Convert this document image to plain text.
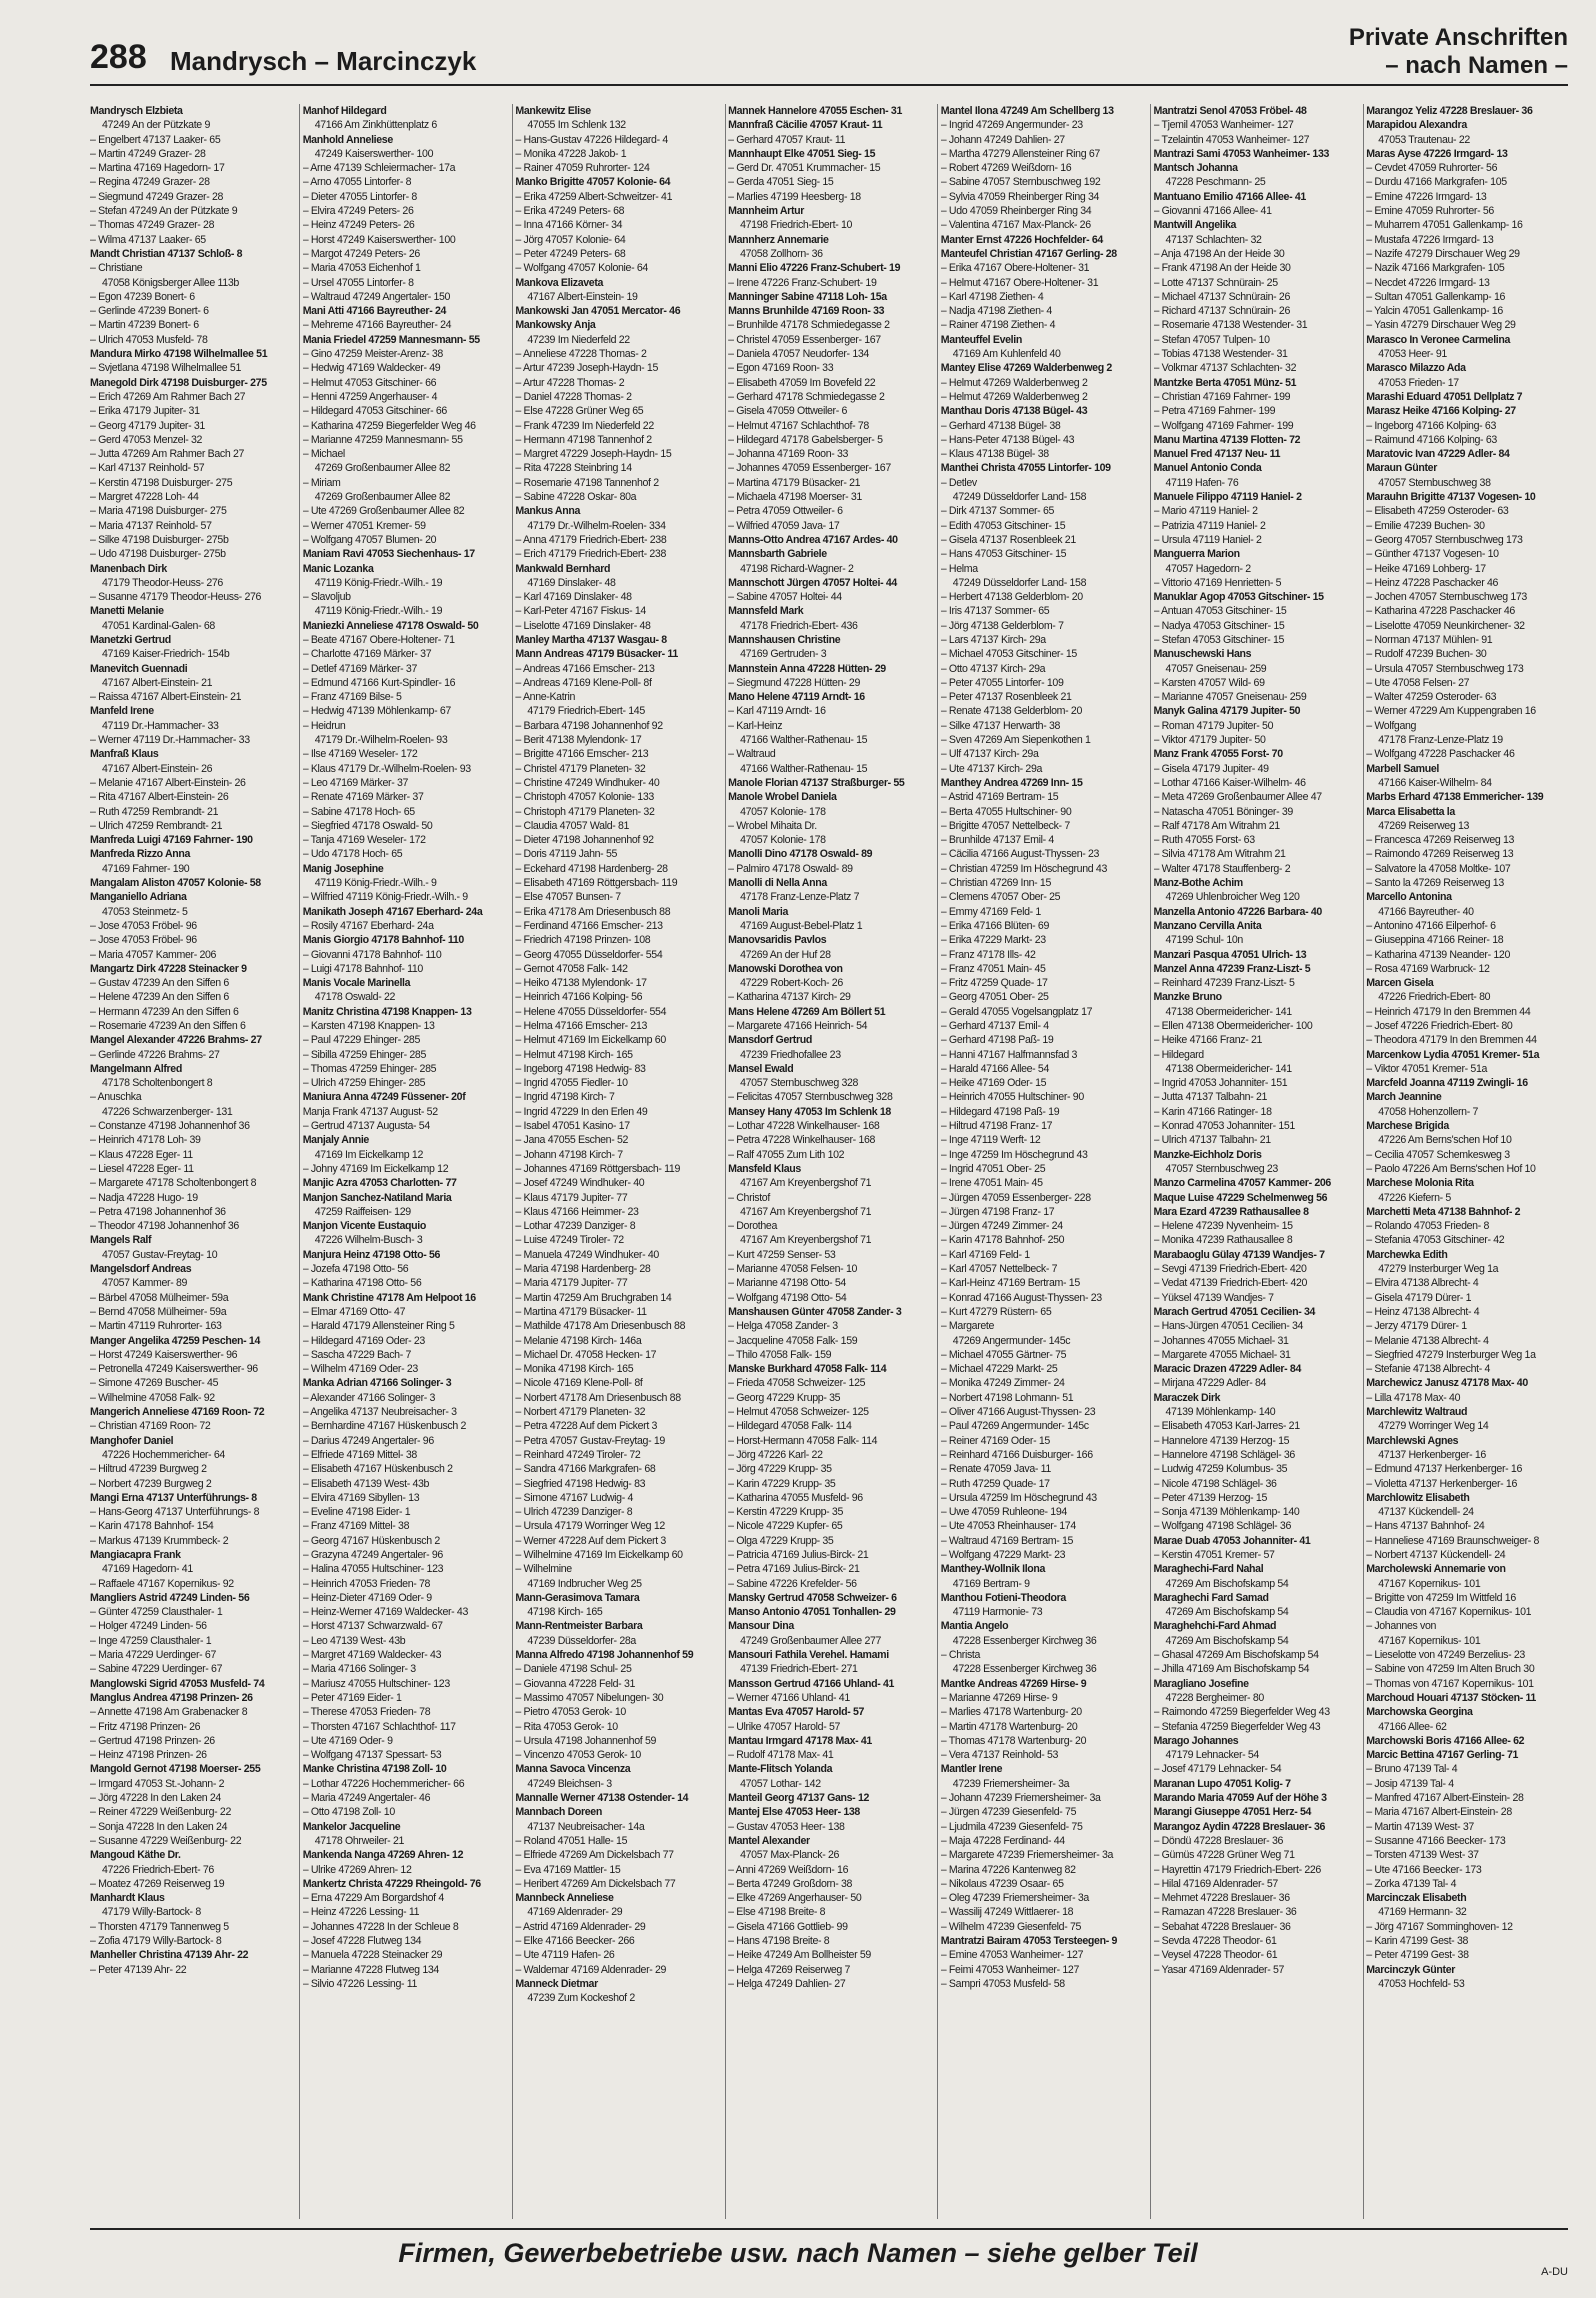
288 Mandrysch – Marcinczyk
Private Anschriften
– nach Namen –
Mandrysch Elzbieta
47249 An der Pützkate 9
– Engelbert 47137 Laaker- 65
– Martin 47249 Grazer- 28
– Martina 47169 Hagedorn- 17
– Regina 47249 Grazer- 28
– Siegmund 47249 Grazer- 28
– Stefan 47249 An der Pützkate 9
– Thomas 47249 Grazer- 28
– Wilma 47137 Laaker- 65
Mandt Christian 47137 Schloß- 8
– Christiane
47058 Königsberger Allee 113b
– Egon 47239 Bonert- 6
– Gerlinde 47239 Bonert- 6
– Martin 47239 Bonert- 6
– Ulrich 47053 Musfeld- 78
Mandura Mirko 47198 Wilhelmallee 51
– Svjetlana 47198 Wilhelmallee 51
Manegold Dirk 47198 Duisburger- 275
– Erich 47269 Am Rahmer Bach 27
– Erika 47179 Jupiter- 31
– Georg 47179 Jupiter- 31
– Gerd 47053 Menzel- 32
– Jutta 47269 Am Rahmer Bach 27
– Karl 47137 Reinhold- 57
– Kerstin 47198 Duisburger- 275
– Margret 47228 Loh- 44
– Maria 47198 Duisburger- 275
– Maria 47137 Reinhold- 57
– Silke 47198 Duisburger- 275b
– Udo 47198 Duisburger- 275b
Manenbach Dirk
47179 Theodor-Heuss- 276
– Susanne 47179 Theodor-Heuss- 276
Manetti Melanie
47051 Kardinal-Galen- 68
Manetzki Gertrud
47169 Kaiser-Friedrich- 154b
Manevitch Guennadi
47167 Albert-Einstein- 21
– Raissa 47167 Albert-Einstein- 21
Manfeld Irene
47119 Dr.-Hammacher- 33
– Werner 47119 Dr.-Hammacher- 33
Manfraß Klaus
47167 Albert-Einstein- 26
– Melanie 47167 Albert-Einstein- 26
– Rita 47167 Albert-Einstein- 26
– Ruth 47259 Rembrandt- 21
– Ulrich 47259 Rembrandt- 21
Manfreda Luigi 47169 Fahrner- 190
Manfreda Rizzo Anna
47169 Fahrner- 190
Mangalam Aliston 47057 Kolonie- 58
Manganiello Adriana
47053 Steinmetz- 5
– Jose 47053 Fröbel- 96
– Jose 47053 Fröbel- 96
– Maria 47057 Kammer- 206
Mangartz Dirk 47228 Steinacker 9
– Gustav 47239 An den Siffen 6
– Helene 47239 An den Siffen 6
– Hermann 47239 An den Siffen 6
– Rosemarie 47239 An den Siffen 6
Mangel Alexander 47226 Brahms- 27
– Gerlinde 47226 Brahms- 27
Mangelmann Alfred
47178 Scholtenbongert 8
– Anuschka
47226 Schwarzenberger- 131
– Constanze 47198 Johannenhof 36
– Heinrich 47178 Loh- 39
– Klaus 47228 Eger- 11
– Liesel 47228 Eger- 11
– Margarete 47178 Scholtenbongert 8
– Nadja 47228 Hugo- 19
– Petra 47198 Johannenhof 36
– Theodor 47198 Johannenhof 36
Mangels Ralf
47057 Gustav-Freytag- 10
Mangelsdorf Andreas
47057 Kammer- 89
– Bärbel 47058 Mülheimer- 59a
– Bernd 47058 Mülheimer- 59a
– Martin 47119 Ruhrorter- 163
Manger Angelika 47259 Peschen- 14
– Horst 47249 Kaiserswerther- 96
– Petronella 47249 Kaiserswerther- 96
– Simone 47269 Buscher- 45
– Wilhelmine 47058 Falk- 92
Mangerich Anneliese 47169 Roon- 72
– Christian 47169 Roon- 72
Manghofer Daniel
47226 Hochemmericher- 64
– Hiltrud 47239 Burgweg 2
– Norbert 47239 Burgweg 2
Mangi Erna 47137 Unterführungs- 8
– Hans-Georg 47137 Unterführungs- 8
– Karin 47178 Bahnhof- 154
– Markus 47139 Krummbeck- 2
Mangiacapra Frank
47169 Hagedorn- 41
– Raffaele 47167 Kopernikus- 92
Mangliers Astrid 47249 Linden- 56
– Günter 47259 Clausthaler- 1
– Holger 47249 Linden- 56
– Inge 47259 Clausthaler- 1
– Maria 47229 Uerdinger- 67
– Sabine 47229 Uerdinger- 67
Manglowski Sigrid 47053 Musfeld- 74
Manglus Andrea 47198 Prinzen- 26
– Annette 47198 Am Grabenacker 8
– Fritz 47198 Prinzen- 26
– Gertrud 47198 Prinzen- 26
– Heinz 47198 Prinzen- 26
Mangold Gernot 47198 Moerser- 255
– Irmgard 47053 St.-Johann- 2
– Jörg 47228 In den Laken 24
– Reiner 47229 Weißenburg- 22
– Sonja 47228 In den Laken 24
– Susanne 47229 Weißenburg- 22
Mangoud Käthe Dr.
47226 Friedrich-Ebert- 76
– Moatez 47269 Reiserweg 19
Manhardt Klaus
47179 Willy-Bartock- 8
– Thorsten 47179 Tannenweg 5
– Zofia 47179 Willy-Bartock- 8
Manheller Christina 47139 Ahr- 22
– Peter 47139 Ahr- 22
Manhof Hildegard
47166 Am Zinkhüttenplatz 6
Manhold Anneliese
47249 Kaiserswerther- 100
– Arne 47139 Schleiermacher- 17a
– Arno 47055 Lintorfer- 8
– Dieter 47055 Lintorfer- 8
– Elvira 47249 Peters- 26
– Heinz 47249 Peters- 26
– Horst 47249 Kaiserswerther- 100
– Margot 47249 Peters- 26
– Maria 47053 Eichenhof 1
– Ursel 47055 Lintorfer- 8
– Waltraud 47249 Angertaler- 150
Mani Atti 47166 Bayreuther- 24
– Mehreme 47166 Bayreuther- 24
Mania Friedel 47259 Mannesmann- 55
– Gino 47259 Meister-Arenz- 38
– Hedwig 47169 Waldecker- 49
– Helmut 47053 Gitschiner- 66
– Henni 47259 Angerhauser- 4
– Hildegard 47053 Gitschiner- 66
– Katharina 47259 Biegerfelder Weg 46
– Marianne 47259 Mannesmann- 55
– Michael
47269 Großenbaumer Allee 82
– Miriam
47269 Großenbaumer Allee 82
– Ute 47269 Großenbaumer Allee 82
– Werner 47051 Kremer- 59
– Wolfgang 47057 Blumen- 20
Maniam Ravi 47053 Siechenhaus- 17
Manic Lozanka
47119 König-Friedr.-Wilh.- 19
– Slavoljub
47119 König-Friedr.-Wilh.- 19
Maniezki Anneliese 47178 Oswald- 50
– Beate 47167 Obere-Holtener- 71
– Charlotte 47169 Märker- 37
– Detlef 47169 Märker- 37
– Edmund 47166 Kurt-Spindler- 16
– Franz 47169 Bilse- 5
– Hedwig 47139 Möhlenkamp- 67
– Heidrun
47179 Dr.-Wilhelm-Roelen- 93
– Ilse 47169 Weseler- 172
– Klaus 47179 Dr.-Wilhelm-Roelen- 93
– Leo 47169 Märker- 37
– Renate 47169 Märker- 37
– Sabine 47178 Hoch- 65
– Siegfried 47178 Oswald- 50
– Tanja 47169 Weseler- 172
– Udo 47178 Hoch- 65
Manig Josephine
47119 König-Friedr.-Wilh.- 9
– Wilfried 47119 König-Friedr.-Wilh.- 9
Manikath Joseph 47167 Eberhard- 24a
– Rosily 47167 Eberhard- 24a
Manis Giorgio 47178 Bahnhof- 110
– Giovanni 47178 Bahnhof- 110
– Luigi 47178 Bahnhof- 110
Manis Vocale Marinella
47178 Oswald- 22
Manitz Christina 47198 Knappen- 13
– Karsten 47198 Knappen- 13
– Paul 47229 Ehinger- 285
– Sibilla 47259 Ehinger- 285
– Thomas 47259 Ehinger- 285
– Ulrich 47259 Ehinger- 285
Maniura Anna 47249 Füssener- 20f
Manja Frank 47137 August- 52
– Gertrud 47137 Augusta- 54
Manjaly Annie
47169 Im Eickelkamp 12
– Johny 47169 Im Eickelkamp 12
Manjic Azra 47053 Charlotten- 77
Manjon Sanchez-Natiland Maria
47259 Raiffeisen- 129
Manjon Vicente Eustaquio
47226 Wilhelm-Busch- 3
Manjura Heinz 47198 Otto- 56
– Jozefa 47198 Otto- 56
– Katharina 47198 Otto- 56
Mank Christine 47178 Am Helpoot 16
– Elmar 47169 Otto- 47
– Harald 47179 Allensteiner Ring 5
– Hildegard 47169 Oder- 23
– Sascha 47229 Bach- 7
– Wilhelm 47169 Oder- 23
Manka Adrian 47166 Solinger- 3
– Alexander 47166 Solinger- 3
– Angelika 47137 Neubreisacher- 3
– Bernhardine 47167 Hüskenbusch 2
– Darius 47249 Angertaler- 96
– Elfriede 47169 Mittel- 38
– Elisabeth 47167 Hüskenbusch 2
– Elisabeth 47139 West- 43b
– Elvira 47169 Sibyllen- 13
– Eveline 47198 Eider- 1
– Franz 47169 Mittel- 38
– Georg 47167 Hüskenbusch 2
– Grazyna 47249 Angertaler- 96
– Halina 47055 Hultschiner- 123
– Heinrich 47053 Frieden- 78
– Heinz-Dieter 47169 Oder- 9
– Heinz-Werner 47169 Waldecker- 43
– Horst 47137 Schwarzwald- 67
– Leo 47139 West- 43b
– Margret 47169 Waldecker- 43
– Maria 47166 Solinger- 3
– Mariusz 47055 Hultschiner- 123
– Peter 47169 Eider- 1
– Therese 47053 Frieden- 78
– Thorsten 47167 Schlachthof- 117
– Ute 47169 Oder- 9
– Wolfgang 47137 Spessart- 53
Manke Christina 47198 Zoll- 10
– Lothar 47226 Hochemmericher- 66
– Maria 47249 Angertaler- 46
– Otto 47198 Zoll- 10
Mankelor Jacqueline
47178 Ohrweiler- 21
Mankenda Nanga 47269 Ahren- 12
– Ulrike 47269 Ahren- 12
Mankertz Christa 47229 Rheingold- 76
– Erna 47229 Am Borgardshof 4
– Heinz 47226 Lessing- 11
– Johannes 47228 In der Schleue 8
– Josef 47228 Flutweg 134
– Manuela 47228 Steinacker 29
– Marianne 47228 Flutweg 134
– Silvio 47226 Lessing- 11
Mankewitz Elise
47055 Im Schlenk 132
– Hans-Gustav 47226 Hildegard- 4
– Monika 47228 Jakob- 1
– Rainer 47059 Ruhrorter- 124
Manko Brigitte 47057 Kolonie- 64
– Erika 47259 Albert-Schweitzer- 41
– Erika 47249 Peters- 68
– Inna 47166 Körner- 34
– Jörg 47057 Kolonie- 64
– Peter 47249 Peters- 68
– Wolfgang 47057 Kolonie- 64
Mankova Elizaveta
47167 Albert-Einstein- 19
Mankowski Jan 47051 Mercator- 46
Mankowsky Anja
47239 Im Niederfeld 22
– Anneliese 47228 Thomas- 2
– Artur 47239 Joseph-Haydn- 15
– Artur 47228 Thomas- 2
– Daniel 47228 Thomas- 2
– Else 47228 Grüner Weg 65
– Frank 47239 Im Niederfeld 22
– Hermann 47198 Tannenhof 2
– Margret 47229 Joseph-Haydn- 15
– Rita 47228 Steinbring 14
– Rosemarie 47198 Tannenhof 2
– Sabine 47228 Oskar- 80a
Mankus Anna
47179 Dr.-Wilhelm-Roelen- 334
– Anna 47179 Friedrich-Ebert- 238
– Erich 47179 Friedrich-Ebert- 238
Mankwald Bernhard
47169 Dinslaker- 48
– Karl 47169 Dinslaker- 48
– Karl-Peter 47167 Fiskus- 14
– Liselotte 47169 Dinslaker- 48
Manley Martha 47137 Wasgau- 8
Mann Andreas 47179 Büsacker- 11
– Andreas 47166 Emscher- 213
– Andreas 47169 Klene-Poll- 8f
– Anne-Katrin
47179 Friedrich-Ebert- 145
– Barbara 47198 Johannenhof 92
– Berit 47138 Mylendonk- 17
– Brigitte 47166 Emscher- 213
– Christel 47179 Planeten- 32
– Christine 47249 Windhuker- 40
– Christoph 47057 Kolonie- 133
– Christoph 47179 Planeten- 32
– Claudia 47057 Wald- 81
– Dieter 47198 Johannenhof 92
– Doris 47119 Jahn- 55
– Eckehard 47198 Hardenberg- 28
– Elisabeth 47169 Röttgersbach- 119
– Else 47057 Bunsen- 7
– Erika 47178 Am Driesenbusch 88
– Ferdinand 47166 Emscher- 213
– Friedrich 47198 Prinzen- 108
– Georg 47055 Düsseldorfer- 554
– Gernot 47058 Falk- 142
– Heiko 47138 Mylendonk- 17
– Heinrich 47166 Kolping- 56
– Helene 47055 Düsseldorfer- 554
– Helma 47166 Emscher- 213
– Helmut 47169 Im Eickelkamp 60
– Helmut 47198 Kirch- 165
– Ingeborg 47198 Hedwig- 83
– Ingrid 47055 Fiedler- 10
– Ingrid 47198 Kirch- 7
– Ingrid 47229 In den Erlen 49
– Isabel 47051 Kasino- 17
– Jana 47055 Eschen- 52
– Johann 47198 Kirch- 7
– Johannes 47169 Röttgersbach- 119
– Josef 47249 Windhuker- 40
– Klaus 47179 Jupiter- 77
– Klaus 47166 Heimmer- 23
– Lothar 47239 Danziger- 8
– Luise 47249 Tiroler- 72
– Manuela 47249 Windhuker- 40
– Maria 47198 Hardenberg- 28
– Maria 47179 Jupiter- 77
– Martin 47259 Am Bruchgraben 14
– Martina 47179 Büsacker- 11
– Mathilde 47178 Am Driesenbusch 88
– Melanie 47198 Kirch- 146a
– Michael Dr. 47058 Hecken- 17
– Monika 47198 Kirch- 165
– Nicole 47169 Klene-Poll- 8f
– Norbert 47178 Am Driesenbusch 88
– Norbert 47179 Planeten- 32
– Petra 47228 Auf dem Pickert 3
– Petra 47057 Gustav-Freytag- 19
– Reinhard 47249 Tiroler- 72
– Sandra 47166 Markgrafen- 68
– Siegfried 47198 Hedwig- 83
– Simone 47167 Ludwig- 4
– Ulrich 47239 Danziger- 8
– Ursula 47179 Worringer Weg 12
– Werner 47228 Auf dem Pickert 3
– Wilhelmine 47169 Im Eickelkamp 60
– Wilhelmine
47169 Indbrucher Weg 25
Mann-Gerasimova Tamara
47198 Kirch- 165
Mann-Rentmeister Barbara
47239 Düsseldorfer- 28a
Manna Alfredo 47198 Johannenhof 59
– Daniele 47198 Schul- 25
– Giovanna 47228 Feld- 31
– Massimo 47057 Nibelungen- 30
– Pietro 47053 Gerok- 10
– Rita 47053 Gerok- 10
– Ursula 47198 Johannenhof 59
– Vincenzo 47053 Gerok- 10
Manna Savoca Vincenza
47249 Bleichsen- 3
Mannalle Werner 47138 Ostender- 14
Mannbach Doreen
47137 Neubreisacher- 14a
– Roland 47051 Halle- 15
– Elfriede 47269 Am Dickelsbach 77
– Eva 47169 Mattler- 15
– Heribert 47269 Am Dickelsbach 77
Mannbeck Anneliese
47169 Aldenrader- 29
– Astrid 47169 Aldenrader- 29
– Elke 47166 Beecker- 266
– Ute 47119 Hafen- 26
– Waldemar 47169 Aldenrader- 29
Manneck Dietmar
47239 Zum Kockeshof 2
Mannek Hannelore 47055 Eschen- 31
Mannfraß Cäcilie 47057 Kraut- 11
– Gerhard 47057 Kraut- 11
Mannhaupt Elke 47051 Sieg- 15
– Gerd Dr. 47051 Krummacher- 15
– Gerda 47051 Sieg- 15
– Marlies 47199 Heesberg- 18
Mannheim Artur
47198 Friedrich-Ebert- 10
Mannherz Annemarie
47058 Zollhorn- 36
Manni Elio 47226 Franz-Schubert- 19
– Irene 47226 Franz-Schubert- 19
Manninger Sabine 47118 Loh- 15a
Manns Brunhilde 47169 Roon- 33
– Brunhilde 47178 Schmiedegasse 2
– Christel 47059 Essenberger- 167
– Daniela 47057 Neudorfer- 134
– Egon 47169 Roon- 33
– Elisabeth 47059 Im Bovefeld 22
– Gerhard 47178 Schmiedegasse 2
– Gisela 47059 Ottweiler- 6
– Helmut 47167 Schlachthof- 78
– Hildegard 47178 Gabelsberger- 5
– Johanna 47169 Roon- 33
– Johannes 47059 Essenberger- 167
– Martina 47179 Büsacker- 21
– Michaela 47198 Moerser- 31
– Petra 47059 Ottweiler- 6
– Wilfried 47059 Java- 17
Manns-Otto Andrea 47167 Ardes- 40
Mannsbarth Gabriele
47198 Richard-Wagner- 2
Mannschott Jürgen 47057 Holtei- 44
– Sabine 47057 Holtei- 44
Mannsfeld Mark
47178 Friedrich-Ebert- 436
Mannshausen Christine
47169 Gertruden- 3
Mannstein Anna 47228 Hütten- 29
– Siegmund 47228 Hütten- 29
Mano Helene 47119 Arndt- 16
– Karl 47119 Arndt- 16
– Karl-Heinz
47166 Walther-Rathenau- 15
– Waltraud
47166 Walther-Rathenau- 15
Manole Florian 47137 Straßburger- 55
Manole Wrobel Daniela
47057 Kolonie- 178
– Wrobel Mihaita Dr.
47057 Kolonie- 178
Manolli Dino 47178 Oswald- 89
– Palmiro 47178 Oswald- 89
Manolli di Nella Anna
47178 Franz-Lenze-Platz 7
Manoli Maria
47169 August-Bebel-Platz 1
Manovsaridis Pavlos
47269 An der Huf 28
Manowski Dorothea von
47229 Robert-Koch- 26
– Katharina 47137 Kirch- 29
Mans Helene 47269 Am Böllert 51
– Margarete 47166 Heinrich- 54
Mansdorf Gertrud
47239 Friedhofallee 23
Mansel Ewald
47057 Sternbuschweg 328
– Felicitas 47057 Sternbuschweg 328
Mansey Hany 47053 Im Schlenk 18
– Lothar 47228 Winkelhauser- 168
– Petra 47228 Winkelhauser- 168
– Ralf 47055 Zum Lith 102
Mansfeld Klaus
47167 Am Kreyenbergshof 71
– Christof
47167 Am Kreyenbergshof 71
– Dorothea
47167 Am Kreyenbergshof 71
– Kurt 47259 Senser- 53
– Marianne 47058 Felsen- 10
– Marianne 47198 Otto- 54
– Wolfgang 47198 Otto- 54
Manshausen Günter 47058 Zander- 3
– Helga 47058 Zander- 3
– Jacqueline 47058 Falk- 159
– Thilo 47058 Falk- 159
Manske Burkhard 47058 Falk- 114
– Frieda 47058 Schweizer- 125
– Georg 47229 Krupp- 35
– Helmut 47058 Schweizer- 125
– Hildegard 47058 Falk- 114
– Horst-Hermann 47058 Falk- 114
– Jörg 47226 Karl- 22
– Jörg 47229 Krupp- 35
– Karin 47229 Krupp- 35
– Katharina 47055 Musfeld- 96
– Kerstin 47229 Krupp- 35
– Nicole 47229 Kupfer- 65
– Olga 47229 Krupp- 35
– Patricia 47169 Julius-Birck- 21
– Petra 47169 Julius-Birck- 21
– Sabine 47226 Krefelder- 56
Mansky Gertrud 47058 Schweizer- 6
Manso Antonio 47051 Tonhallen- 29
Mansour Dina
47249 Großenbaumer Allee 277
Mansouri Fathila Verehel. Hamami
47139 Friedrich-Ebert- 271
Mansson Gertrud 47166 Uhland- 41
– Werner 47166 Uhland- 41
Mantas Eva 47057 Harold- 57
– Ulrike 47057 Harold- 57
Mantau Irmgard 47178 Max- 41
– Rudolf 47178 Max- 41
Mante-Flitsch Yolanda
47057 Lothar- 142
Manteil Georg 47137 Gans- 12
Mantej Else 47053 Heer- 138
– Gustav 47053 Heer- 138
Mantel Alexander
47057 Max-Planck- 26
– Anni 47269 Weißdorn- 16
– Berta 47249 Großdorn- 38
– Elke 47269 Angerhauser- 50
– Else 47198 Breite- 8
– Gisela 47166 Gottlieb- 99
– Hans 47198 Breite- 8
– Heike 47249 Am Bollheister 59
– Helga 47269 Reiserweg 7
– Helga 47249 Dahlien- 27
Mantel Ilona 47249 Am Schellberg 13
– Ingrid 47269 Angermunder- 23
– Johann 47249 Dahlien- 27
– Martha 47279 Allensteiner Ring 67
– Robert 47269 Weißdorn- 16
– Sabine 47057 Sternbuschweg 192
– Sylvia 47059 Rheinberger Ring 34
– Udo 47059 Rheinberger Ring 34
– Valentina 47167 Max-Planck- 26
Manter Ernst 47226 Hochfelder- 64
Manteufel Christian 47167 Gerling- 28
– Erika 47167 Obere-Holtener- 31
– Helmut 47167 Obere-Holtener- 31
– Karl 47198 Ziethen- 4
– Nadja 47198 Ziethen- 4
– Rainer 47198 Ziethen- 4
Manteuffel Evelin
47169 Am Kuhlenfeld 40
Mantey Elise 47269 Walderbenweg 2
– Helmut 47269 Walderbenweg 2
– Helmut 47269 Walderbenweg 2
Manthau Doris 47138 Bügel- 43
– Gerhard 47138 Bügel- 38
– Hans-Peter 47138 Bügel- 43
– Klaus 47138 Bügel- 38
Manthei Christa 47055 Lintorfer- 109
– Detlev
47249 Düsseldorfer Land- 158
– Dirk 47137 Sommer- 65
– Edith 47053 Gitschiner- 15
– Gisela 47137 Rosenbleek 21
– Hans 47053 Gitschiner- 15
– Helma
47249 Düsseldorfer Land- 158
– Herbert 47138 Gelderblom- 20
– Iris 47137 Sommer- 65
– Jörg 47138 Gelderblom- 7
– Lars 47137 Kirch- 29a
– Michael 47053 Gitschiner- 15
– Otto 47137 Kirch- 29a
– Peter 47055 Lintorfer- 109
– Peter 47137 Rosenbleek 21
– Renate 47138 Gelderblom- 20
– Silke 47137 Herwarth- 38
– Sven 47269 Am Siepenkothen 1
– Ulf 47137 Kirch- 29a
– Ute 47137 Kirch- 29a
Manthey Andrea 47269 Inn- 15
– Astrid 47169 Bertram- 15
– Berta 47055 Hultschiner- 90
– Brigitte 47057 Nettelbeck- 7
– Brunhilde 47137 Emil- 4
– Cäcilia 47166 August-Thyssen- 23
– Christian 47259 Im Höschegrund 43
– Christian 47269 Inn- 15
– Clemens 47057 Ober- 25
– Emmy 47169 Feld- 1
– Erika 47166 Blüten- 69
– Erika 47229 Markt- 23
– Franz 47178 Ills- 42
– Franz 47051 Main- 45
– Fritz 47259 Quade- 17
– Georg 47051 Ober- 25
– Gerald 47055 Vogelsangplatz 17
– Gerhard 47137 Emil- 4
– Gerhard 47198 Paß- 19
– Hanni 47167 Halfmannsfad 3
– Harald 47166 Allee- 54
– Heike 47169 Oder- 15
– Heinrich 47055 Hultschiner- 90
– Hildegard 47198 Paß- 19
– Hiltrud 47198 Franz- 17
– Inge 47119 Werft- 12
– Inge 47259 Im Höschegrund 43
– Ingrid 47051 Ober- 25
– Irene 47051 Main- 45
– Jürgen 47059 Essenberger- 228
– Jürgen 47198 Franz- 17
– Jürgen 47249 Zimmer- 24
– Karin 47178 Bahnhof- 250
– Karl 47169 Feld- 1
– Karl 47057 Nettelbeck- 7
– Karl-Heinz 47169 Bertram- 15
– Konrad 47166 August-Thyssen- 23
– Kurt 47279 Rüstern- 65
– Margarete
47269 Angermunder- 145c
– Michael 47055 Gärtner- 75
– Michael 47229 Markt- 25
– Monika 47249 Zimmer- 24
– Norbert 47198 Lohmann- 51
– Oliver 47166 August-Thyssen- 23
– Paul 47269 Angermunder- 145c
– Reiner 47169 Oder- 15
– Reinhard 47166 Duisburger- 166
– Renate 47059 Java- 11
– Ruth 47259 Quade- 17
– Ursula 47259 Im Höschegrund 43
– Uwe 47059 Ruhleone- 194
– Ute 47053 Rheinhauser- 174
– Waltraud 47169 Bertram- 15
– Wolfgang 47229 Markt- 23
Manthey-Wollnik Ilona
47169 Bertram- 9
Manthou Fotieni-Theodora
47119 Harmonie- 73
Mantia Angelo
47228 Essenberger Kirchweg 36
– Christa
47228 Essenberger Kirchweg 36
Mantke Andreas 47269 Hirse- 9
– Marianne 47269 Hirse- 9
– Marlies 47178 Wartenburg- 20
– Martin 47178 Wartenburg- 20
– Thomas 47178 Wartenburg- 20
– Vera 47137 Reinhold- 53
Mantler Irene
47239 Friemersheimer- 3a
– Johann 47239 Friemersheimer- 3a
– Jürgen 47239 Giesenfeld- 75
– Ljudmila 47239 Giesenfeld- 75
– Maja 47228 Ferdinand- 44
– Margarete 47239 Friemersheimer- 3a
– Marina 47226 Kantenweg 82
– Nikolaus 47239 Osaar- 65
– Oleg 47239 Friemersheimer- 3a
– Wassilij 47249 Wittlaerer- 18
– Wilhelm 47239 Giesenfeld- 75
Mantratzi Bairam 47053 Tersteegen- 9
– Emine 47053 Wanheimer- 127
– Feimi 47053 Wanheimer- 127
– Sampri 47053 Musfeld- 58
Mantratzi Senol 47053 Fröbel- 48
– Tjemil 47053 Wanheimer- 127
– Tzelaintin 47053 Wanheimer- 127
Mantrazi Sami 47053 Wanheimer- 133
Mantsch Johanna
47228 Peschmann- 25
Mantuano Emilio 47166 Allee- 41
– Giovanni 47166 Allee- 41
Mantwill Angelika
47137 Schlachten- 32
– Anja 47198 An der Heide 30
– Frank 47198 An der Heide 30
– Lotte 47137 Schnürain- 25
– Michael 47137 Schnürain- 26
– Richard 47137 Schnürain- 26
– Rosemarie 47138 Westender- 31
– Stefan 47057 Tulpen- 10
– Tobias 47138 Westender- 31
– Volkmar 47137 Schlachten- 32
Mantzke Berta 47051 Münz- 51
– Christian 47169 Fahrner- 199
– Petra 47169 Fahrner- 199
– Wolfgang 47169 Fahrner- 199
Manu Martina 47139 Flotten- 72
Manuel Fred 47137 Neu- 11
Manuel Antonio Conda
47119 Hafen- 76
Manuele Filippo 47119 Haniel- 2
– Mario 47119 Haniel- 2
– Patrizia 47119 Haniel- 2
– Ursula 47119 Haniel- 2
Manguerra Marion
47057 Hagedorn- 2
– Vittorio 47169 Henrietten- 5
Manuklar Agop 47053 Gitschiner- 15
– Antuan 47053 Gitschiner- 15
– Nadya 47053 Gitschiner- 15
– Stefan 47053 Gitschiner- 15
Manuschewski Hans
47057 Gneisenau- 259
– Karsten 47057 Wild- 69
– Marianne 47057 Gneisenau- 259
Manyk Galina 47179 Jupiter- 50
– Roman 47179 Jupiter- 50
– Viktor 47179 Jupiter- 50
Manz Frank 47055 Forst- 70
– Gisela 47179 Jupiter- 49
– Lothar 47166 Kaiser-Wilhelm- 46
– Meta 47269 Großenbaumer Allee 47
– Natascha 47051 Böninger- 39
– Ralf 47178 Am Witrahm 21
– Ruth 47055 Forst- 63
– Silvia 47178 Am Witrahm 21
– Walter 47178 Stauffenberg- 2
Manz-Bothe Achim
47269 Uhlenbroicher Weg 120
Manzella Antonio 47226 Barbara- 40
Manzano Cervilla Anita
47199 Schul- 10n
Manzari Pasqua 47051 Ulrich- 13
Manzel Anna 47239 Franz-Liszt- 5
– Reinhard 47239 Franz-Liszt- 5
Manzke Bruno
47138 Obermeidericher- 141
– Ellen 47138 Obermeidericher- 100
– Heike 47166 Franz- 21
– Hildegard
47138 Obermeidericher- 141
– Ingrid 47053 Johanniter- 151
– Jutta 47137 Talbahn- 21
– Karin 47166 Ratinger- 18
– Konrad 47053 Johanniter- 151
– Ulrich 47137 Talbahn- 21
Manzke-Eichholz Doris
47057 Sternbuschweg 23
Manzo Carmelina 47057 Kammer- 206
Maque Luise 47229 Schelmenweg 56
Mara Ezard 47239 Rathausallee 8
– Helene 47239 Nyvenheim- 15
– Monika 47239 Rathausallee 8
Marabaoglu Gülay 47139 Wandjes- 7
– Sevgi 47139 Friedrich-Ebert- 420
– Vedat 47139 Friedrich-Ebert- 420
– Yüksel 47139 Wandjes- 7
Marach Gertrud 47051 Cecilien- 34
– Hans-Jürgen 47051 Cecilien- 34
– Johannes 47055 Michael- 31
– Margarete 47055 Michael- 31
Maracic Drazen 47229 Adler- 84
– Mirjana 47229 Adler- 84
Maraczek Dirk
47139 Möhlenkamp- 140
– Elisabeth 47053 Karl-Jarres- 21
– Hannelore 47139 Herzog- 15
– Hannelore 47198 Schlägel- 36
– Ludwig 47259 Kolumbus- 35
– Nicole 47198 Schlägel- 36
– Peter 47139 Herzog- 15
– Sonja 47139 Möhlenkamp- 140
– Wolfgang 47198 Schlägel- 36
Marae Duab 47053 Johanniter- 41
– Kerstin 47051 Kremer- 57
Maraghechi-Fard Nahal
47269 Am Bischofskamp 54
Maraghechi Fard Samad
47269 Am Bischofskamp 54
Maraghehchi-Fard Ahmad
47269 Am Bischofskamp 54
– Ghasal 47269 Am Bischofskamp 54
– Jhilla 47169 Am Bischofskamp 54
Maragliano Josefine
47228 Bergheimer- 80
– Raimondo 47259 Biegerfelder Weg 43
– Stefania 47259 Biegerfelder Weg 43
Marago Johannes
47179 Lehnacker- 54
– Josef 47179 Lehnacker- 54
Maranan Lupo 47051 Kolig- 7
Marando Maria 47059 Auf der Höhe 3
Marangi Giuseppe 47051 Herz- 54
Marangoz Aydin 47228 Breslauer- 36
– Döndü 47228 Breslauer- 36
– Gümüs 47228 Grüner Weg 71
– Hayrettin 47179 Friedrich-Ebert- 226
– Hilal 47169 Aldenrader- 57
– Mehmet 47228 Breslauer- 36
– Ramazan 47228 Breslauer- 36
– Sebahat 47228 Breslauer- 36
– Sevda 47228 Theodor- 61
– Veysel 47228 Theodor- 61
– Yasar 47169 Aldenrader- 57
Marangoz Yeliz 47228 Breslauer- 36
Marapidou Alexandra
47053 Trautenau- 22
Maras Ayse 47226 Irmgard- 13
– Cevdet 47059 Ruhrorter- 56
– Durdu 47166 Markgrafen- 105
– Emine 47226 Irmgard- 13
– Emine 47059 Ruhrorter- 56
– Muharrem 47051 Gallenkamp- 16
– Mustafa 47226 Irmgard- 13
– Nazife 47279 Dirschauer Weg 29
– Nazik 47166 Markgrafen- 105
– Necdet 47226 Irmgard- 13
– Sultan 47051 Gallenkamp- 16
– Yalcin 47051 Gallenkamp- 16
– Yasin 47279 Dirschauer Weg 29
Marasco In Veronee Carmelina
47053 Heer- 91
Marasco Milazzo Ada
47053 Frieden- 17
Marashi Eduard 47051 Dellplatz 7
Marasz Heike 47166 Kolping- 27
– Ingeborg 47166 Kolping- 63
– Raimund 47166 Kolping- 63
Maratovic Ivan 47229 Adler- 84
Maraun Günter
47057 Sternbuschweg 38
Marauhn Brigitte 47137 Vogesen- 10
– Elisabeth 47259 Osteroder- 63
– Emilie 47239 Buchen- 30
– Georg 47057 Sternbuschweg 173
– Günther 47137 Vogesen- 10
– Heike 47169 Lohberg- 17
– Heinz 47228 Paschacker 46
– Jochen 47057 Sternbuschweg 173
– Katharina 47228 Paschacker 46
– Liselotte 47059 Neunkirchener- 32
– Norman 47137 Mühlen- 91
– Rudolf 47239 Buchen- 30
– Ursula 47057 Sternbuschweg 173
– Ute 47058 Felsen- 27
– Walter 47259 Osteroder- 63
– Werner 47229 Am Kuppengraben 16
– Wolfgang
47178 Franz-Lenze-Platz 19
– Wolfgang 47228 Paschacker 46
Marbell Samuel
47166 Kaiser-Wilhelm- 84
Marbs Erhard 47138 Emmericher- 139
Marca Elisabetta la
47269 Reiserweg 13
– Francesca 47269 Reiserweg 13
– Raimondo 47269 Reiserweg 13
– Salvatore la 47058 Moltke- 107
– Santo la 47269 Reiserweg 13
Marcello Antonina
47166 Bayreuther- 40
– Antonino 47166 Eilperhof- 6
– Giuseppina 47166 Reiner- 18
– Katharina 47139 Neander- 120
– Rosa 47169 Warbruck- 12
Marcen Gisela
47226 Friedrich-Ebert- 80
– Heinrich 47179 In den Bremmen 44
– Josef 47226 Friedrich-Ebert- 80
– Theodora 47179 In den Bremmen 44
Marcenkow Lydia 47051 Kremer- 51a
– Viktor 47051 Kremer- 51a
Marcfeld Joanna 47119 Zwingli- 16
March Jeannine
47058 Hohenzollern- 7
Marchese Brigida
47226 Am Berns'schen Hof 10
– Cecilia 47057 Schemkesweg 3
– Paolo 47226 Am Berns'schen Hof 10
Marchese Molonia Rita
47226 Kiefern- 5
Marchetti Meta 47138 Bahnhof- 2
– Rolando 47053 Frieden- 8
– Stefania 47053 Gitschiner- 42
Marchewka Edith
47279 Insterburger Weg 1a
– Elvira 47138 Albrecht- 4
– Gisela 47179 Dürer- 1
– Heinz 47138 Albrecht- 4
– Jerzy 47179 Dürer- 1
– Melanie 47138 Albrecht- 4
– Siegfried 47279 Insterburger Weg 1a
– Stefanie 47138 Albrecht- 4
Marchewicz Janusz 47178 Max- 40
– Lilla 47178 Max- 40
Marchlewitz Waltraud
47279 Worringer Weg 14
Marchlewski Agnes
47137 Herkenberger- 16
– Edmund 47137 Herkenberger- 16
– Violetta 47137 Herkenberger- 16
Marchlowitz Elisabeth
47137 Kückendell- 24
– Hans 47137 Bahnhof- 24
– Hanneliese 47169 Braunschweiger- 8
– Norbert 47137 Kückendell- 24
Marcholewski Annemarie von
47167 Kopernikus- 101
– Brigitte von 47259 Im Wittfeld 16
– Claudia von 47167 Kopernikus- 101
– Johannes von
47167 Kopernikus- 101
– Lieselotte von 47249 Berzelius- 23
– Sabine von 47259 Im Alten Bruch 30
– Thomas von 47167 Kopernikus- 101
Marchoud Houari 47137 Stöcken- 11
Marchowska Georgina
47166 Allee- 62
Marchowski Boris 47166 Allee- 62
Marcic Bettina 47167 Gerling- 71
– Bruno 47139 Tal- 4
– Josip 47139 Tal- 4
– Manfred 47167 Albert-Einstein- 28
– Maria 47167 Albert-Einstein- 28
– Martin 47139 West- 37
– Susanne 47166 Beecker- 173
– Torsten 47139 West- 37
– Ute 47166 Beecker- 173
– Zorka 47139 Tal- 4
Marcinczak Elisabeth
47169 Hermann- 32
– Jörg 47167 Somminghoven- 12
– Karin 47199 Gest- 38
– Peter 47199 Gest- 38
Marcinczyk Günter
47053 Hochfeld- 53
Firmen, Gewerbebetriebe usw. nach Namen – siehe gelber Teil
A-DU
